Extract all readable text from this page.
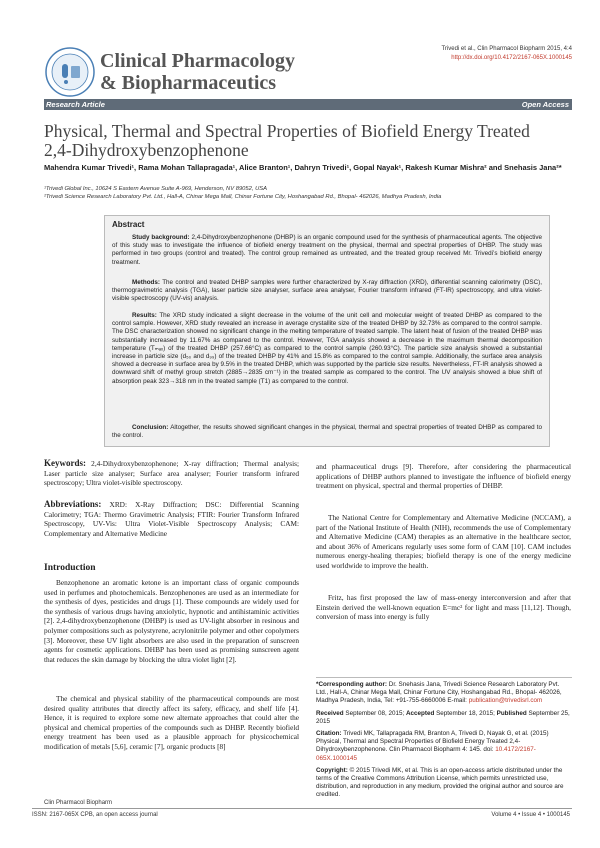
Clinical Pharmacology
& Biopharmaceutics
Trivedi et al., Clin Pharmacol Biopharm 2015, 4:4
http://dx.doi.org/10.4172/2167-065X.1000145
Research Article	Open Access
Physical, Thermal and Spectral Properties of Biofield Energy Treated
2,4-Dihydroxybenzophenone
Mahendra Kumar Trivedi¹, Rama Mohan Tallapragada¹, Alice Branton¹, Dahryn Trivedi¹, Gopal Nayak¹, Rakesh Kumar Mishra² and Snehasis Jana²*
¹Trivedi Global Inc., 10624 S Eastern Avenue Suite A-969, Henderson, NV 89052, USA
²Trivedi Science Research Laboratory Pvt. Ltd., Hall-A, Chinar Mega Mall, Chinar Fortune City, Hoshangabad Rd., Bhopal- 462026, Madhya Pradesh, India
Abstract
Study background: 2,4-Dihydroxybenzophenone (DHBP) is an organic compound used for the synthesis of pharmaceutical agents. The objective of this study was to investigate the influence of biofield energy treatment on the physical, thermal and spectral properties of DHBP. The study was performed in two groups (control and treated). The control group remained as untreated, and the treated group received Mr. Trivedi’s biofield energy treatment.
Methods: The control and treated DHBP samples were further characterized by X-ray diffraction (XRD), differential scanning calorimetry (DSC), thermogravimetric analysis (TGA), laser particle size analyser, surface area analyser, Fourier transform infrared (FT-IR) spectroscopy, and ultra violet-visible spectroscopy (UV-vis) analysis.
Results: The XRD study indicated a slight decrease in the volume of the unit cell and molecular weight of treated DHBP as compared to the control sample. However, XRD study revealed an increase in average crystallite size of the treated DHBP by 32.73% as compared to the control sample. The DSC characterization showed no significant change in the melting temperature of treated sample. The latent heat of fusion of the treated DHBP was substantially increased by 11.67% as compared to the control. However, TGA analysis showed a decrease in the maximum thermal decomposition temperature (Tₘₐₓ) of the treated DHBP (257.66°C) as compared to the control sample (260.93°C). The particle size analysis showed a substantial increase in particle size (d₅₀ and d₉₉) of the treated DHBP by 41% and 15.8% as compared to the control sample. Additionally, the surface area analysis showed a decrease in surface area by 9.5% in the treated DHBP, which was supported by the particle size results. Nevertheless, FT-IR analysis showed a downward shift of methyl group stretch (2885→2835 cm⁻¹) in the treated sample as compared to the control. The UV analysis showed a blue shift of absorption peak 323→318 nm in the treated sample (T1) as compared to the control.
Conclusion: Altogether, the results showed significant changes in the physical, thermal and spectral properties of treated DHBP as compared to the control.
Keywords: 2,4-Dihydroxybenzophenone; X-ray diffraction; Thermal analysis; Laser particle size analyser; Surface area analyser; Fourier transform infrared spectroscopy; Ultra violet-visible spectroscopy.
Abbreviations: XRD: X-Ray Diffraction; DSC: Differential Scanning Calorimetry; TGA: Thermo Gravimetric Analysis; FTIR: Fourier Transform Infrared Spectroscopy, UV-Vis: Ultra Violet-Visible Spectroscopy Analysis; CAM: Complementary and Alternative Medicine
Introduction
Benzophenone an aromatic ketone is an important class of organic compounds used in perfumes and photochemicals. Benzophenones are used as an intermediate for the synthesis of dyes, pesticides and drugs [1]. These compounds are widely used for the synthesis of various drugs having anxiolytic, hypnotic and antihistaminic activities [2]. 2,4-dihydroxybenzophenone (DHBP) is used as UV-light absorber in resinous and polymer compositions such as polystyrene, acrylonitrile polymer and other copolymers [3]. Moreover, these UV light absorbers are also used in the preparation of sunscreen agents for cosmetic applications. DHBP has been used as promising sunscreen agent that reduces the skin damage by blocking the ultra violet light [2].
The chemical and physical stability of the pharmaceutical compounds are most desired quality attributes that directly affect its safety, efficacy, and shelf life [4]. Hence, it is required to explore some new alternate approaches that could alter the physical and chemical properties of the compounds such as DHBP. Recently biofield energy treatment has been used as a plausible approach for physicochemical modification of metals [5,6], ceramic [7], organic products [8]
and pharmaceutical drugs [9]. Therefore, after considering the pharmaceutical applications of DHBP authors planned to investigate the influence of biofield energy treatment on physical, spectral and thermal properties of DHBP.
The National Centre for Complementary and Alternative Medicine (NCCAM), a part of the National Institute of Health (NIH), recommends the use of Complementary and Alternative Medicine (CAM) therapies as an alternative in the healthcare sector, and about 36% of Americans regularly uses some form of CAM [10]. CAM includes numerous energy-healing therapies; biofield therapy is one of the energy medicine used worldwide to improve the health.
Fritz, has first proposed the law of mass-energy interconversion and after that Einstein derived the well-known equation E=mc² for light and mass [11,12]. Though, conversion of mass into energy is fully
*Corresponding author: Dr. Snehasis Jana, Trivedi Science Research Laboratory Pvt. Ltd., Hall-A, Chinar Mega Mall, Chinar Fortune City, Hoshangabad Rd., Bhopal- 462026, Madhya Pradesh, India, Tel: +91-755-6660006 E-mail: publication@trivedisrl.com
Received September 08, 2015; Accepted September 18, 2015; Published September 25, 2015
Citation: Trivedi MK, Tallapragada RM, Branton A, Trivedi D, Nayak G, et al. (2015) Physical, Thermal and Spectral Properties of Biofield Energy Treated 2,4-Dihydroxybenzophenone. Clin Pharmacol Biopharm 4: 145. doi: 10.4172/2167-065X.1000145
Copyright: © 2015 Trivedi MK, et al. This is an open-access article distributed under the terms of the Creative Commons Attribution License, which permits unrestricted use, distribution, and reproduction in any medium, provided the original author and source are credited.
Clin Pharmacol Biopharm
ISSN: 2167-065X CPB, an open access journal	Volume 4 • Issue 4 • 1000145
